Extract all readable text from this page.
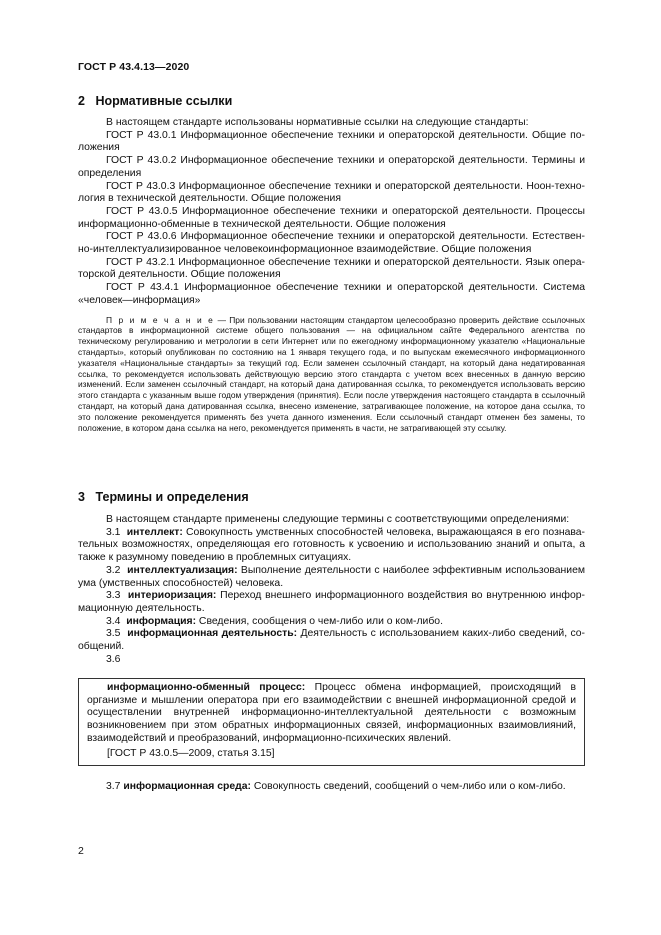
ГОСТ Р 43.4.13—2020
2 Нормативные ссылки

В настоящем стандарте использованы нормативные ссылки на следующие стандарты:

ГОСТ Р 43.0.1 Информационное обеспечение техники и операторской деятельности. Общие положения

ГОСТ Р 43.0.2 Информационное обеспечение техники и операторской деятельности. Термины и определения

ГОСТ Р 43.0.3 Информационное обеспечение техники и операторской деятельности. Ноон-технология в технической деятельности. Общие положения

ГОСТ Р 43.0.5 Информационное обеспечение техники и операторской деятельности. Процессы информационно-обменные в технической деятельности. Общие положения

ГОСТ Р 43.0.6 Информационное обеспечение техники и операторской деятельности. Естественно-интеллектуализированное человекоинформационное взаимодействие. Общие положения

ГОСТ Р 43.2.1 Информационное обеспечение техники и операторской деятельности. Язык операторской деятельности. Общие положения

ГОСТ Р 43.4.1 Информационное обеспечение техники и операторской деятельности. Система «человек—информация»

П р и м е ч а н и е — При пользовании настоящим стандартом целесообразно проверить действие ссылочных стандартов в информационной системе общего пользования — на официальном сайте Федерального агентства по техническому регулированию и метрологии в сети Интернет или по ежегодному информационному указателю «Национальные стандарты», который опубликован по состоянию на 1 января текущего года, и по выпускам ежемесячного информационного указателя «Национальные стандарты» за текущий год. Если заменен ссылочный стандарт, на который дана недатированная ссылка, то рекомендуется использовать действующую версию этого стандарта с учетом всех внесенных в данную версию изменений. Если заменен ссылочный стандарт, на который дана датированная ссылка, то рекомендуется использовать версию этого стандарта с указанным выше годом утверждения (принятия). Если после утверждения настоящего стандарта в ссылочный стандарт, на который дана датированная ссылка, внесено изменение, затрагивающее положение, на которое дана ссылка, то это положение рекомендуется применять без учета данного изменения. Если ссылочный стандарт отменен без замены, то положение, в котором дана ссылка на него, рекомендуется применять в части, не затрагивающей эту ссылку.

3 Термины и определения

В настоящем стандарте применены следующие термины с соответствующими определениями:

3.1 интеллект: Совокупность умственных способностей человека, выражающаяся в его познавательных возможностях, определяющая его готовность к усвоению и использованию знаний и опыта, а также к разумному поведению в проблемных ситуациях.

3.2 интеллектуализация: Выполнение деятельности с наиболее эффективным использованием ума (умственных способностей) человека.

3.3 интериоризация: Переход внешнего информационного воздействия во внутреннюю информационную деятельность.

3.4 информация: Сведения, сообщения о чем-либо или о ком-либо.

3.5 информационная деятельность: Деятельность с использованием каких-либо сведений, сообщений.

3.6

информационно-обменный процесс: Процесс обмена информацией, происходящий в организме и мышлении оператора при его взаимодействии с внешней информационной средой и осуществлении внутренней информационно-интеллектуальной деятельности с возможным возникновением при этом обратных информационных связей, информационных взаимовлияний, взаимодействий и преобразований, информационно-психических явлений.

[ГОСТ Р 43.0.5—2009, статья 3.15]

3.7 информационная среда: Совокупность сведений, сообщений о чем-либо или о ком-либо.

2
